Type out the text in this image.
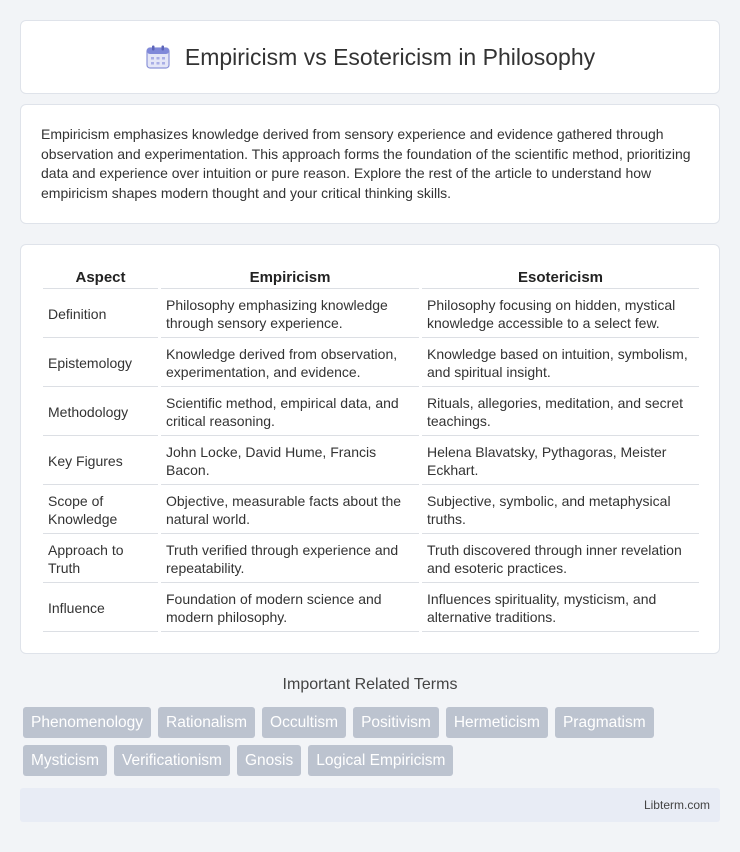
Empiricism vs Esotericism in Philosophy

Empiricism emphasizes knowledge derived from sensory experience and evidence gathered through observation and experimentation. This approach forms the foundation of the scientific method, prioritizing data and experience over intuition or pure reason. Explore the rest of the article to understand how empiricism shapes modern thought and your critical thinking skills.

Aspect	Empiricism	Esotericism
Definition	Philosophy emphasizing knowledge through sensory experience.	Philosophy focusing on hidden, mystical knowledge accessible to a select few.
Epistemology	Knowledge derived from observation, experimentation, and evidence.	Knowledge based on intuition, symbolism, and spiritual insight.
Methodology	Scientific method, empirical data, and critical reasoning.	Rituals, allegories, meditation, and secret teachings.
Key Figures	John Locke, David Hume, Francis Bacon.	Helena Blavatsky, Pythagoras, Meister Eckhart.
Scope of Knowledge	Objective, measurable facts about the natural world.	Subjective, symbolic, and metaphysical truths.
Approach to Truth	Truth verified through experience and repeatability.	Truth discovered through inner revelation and esoteric practices.
Influence	Foundation of modern science and modern philosophy.	Influences spirituality, mysticism, and alternative traditions.
Important Related Terms
Phenomenology	Rationalism	Occultism	Positivism	Hermeticism	Pragmatism
Mysticism	Verificationism	Gnosis	Logical Empiricism
Libterm.com
